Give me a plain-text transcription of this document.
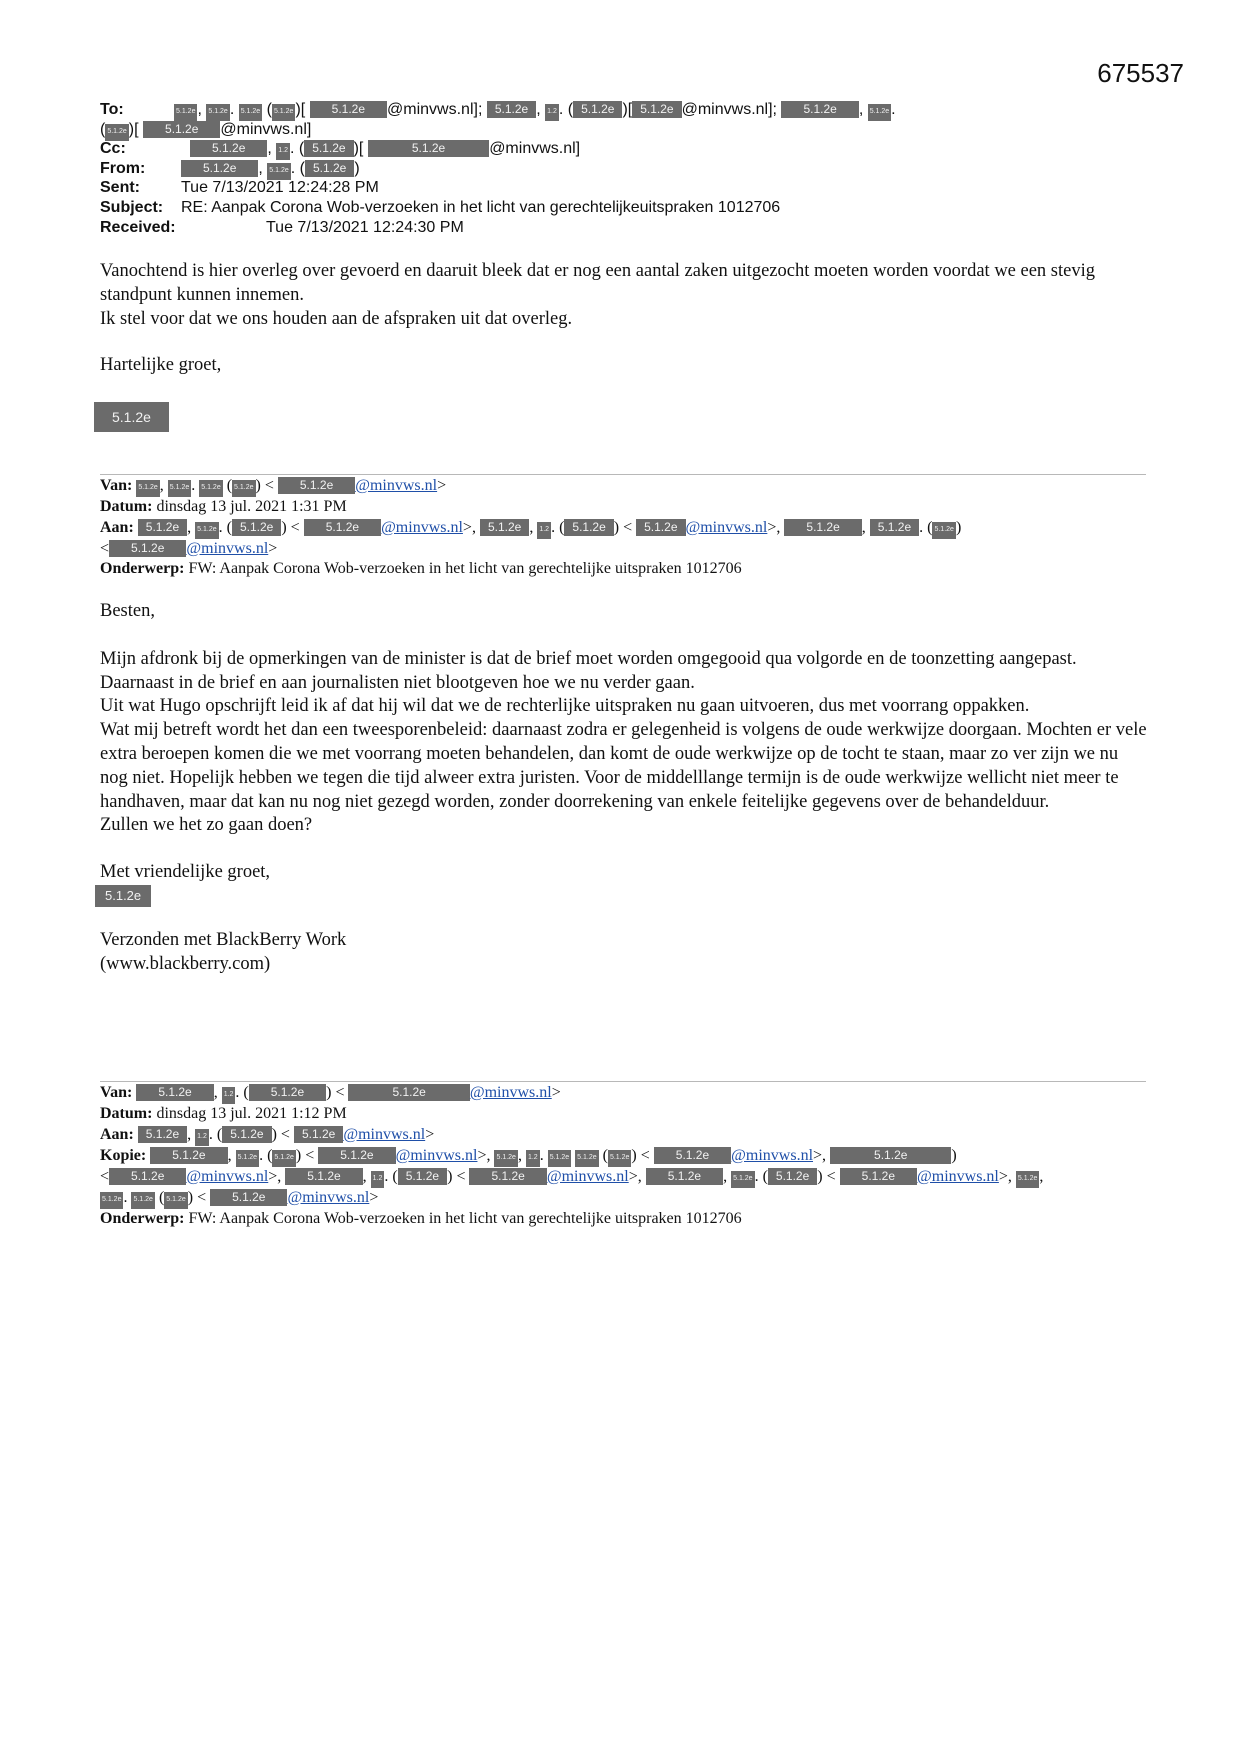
675537
To:	5.1.2e , 5.1.2e . 5.1.2e ( 5.1.2e )[ 5.1.2e @minvws.nl]; 5.1.2e , 1.2 . ( 5.1.2e )[ 5.1.2e @minvws.nl]; 5.1.2e , 5.1.2e .
( 5.1.2e )[ 5.1.2e @minvws.nl]
Cc:	5.1.2e , 1.2 . ( 5.1.2e )[	5.1.2e	@minvws.nl]
From:	5.1.2e , 5.1.2e . ( 5.1.2e )
Sent:	Tue 7/13/2021 12:24:28 PM
Subject: RE: Aanpak Corona Wob-verzoeken in het licht van gerechtelijkeuitspraken 1012706
Received:	Tue 7/13/2021 12:24:30 PM

Vanochtend is hier overleg over gevoerd en daaruit bleek dat er nog een aantal zaken uitgezocht moeten worden voordat we een stevig standpunt kunnen innemen.

Ik stel voor dat we ons houden aan de afspraken uit dat overleg.

Hartelijke groet,

5.1.2e
Van: 5.1.2e , 5.1.2e . 5.1.2e ( 5.1.2e ) < 5.1.2e @minvws.nl>
Datum: dinsdag 13 jul. 2021 1:31 PM
Aan: 5.1.2e , 5.1.2e . ( 5.1.2e ) < 5.1.2e @minvws.nl>, 5.1.2e , 1.2 . ( 5.1.2e ) < 5.1.2e @minvws.nl>, 5.1.2e , 5.1.2e . ( 5.1.2e )
< 5.1.2e @minvws.nl>
Onderwerp: FW: Aanpak Corona Wob-verzoeken in het licht van gerechtelijke uitspraken 1012706

Besten,

Mijn afdronk bij de opmerkingen van de minister is dat de brief moet worden omgegooid qua volgorde en de toonzetting aangepast. Daarnaast in de brief en aan journalisten niet blootgeven hoe we nu verder gaan.

Uit wat Hugo opschrijft leid ik af dat hij wil dat we de rechterlijke uitspraken nu gaan uitvoeren, dus met voorrang oppakken.

Wat mij betreft wordt het dan een tweesporenbeleid: daarnaast zodra er gelegenheid is volgens de oude werkwijze doorgaan. Mochten er vele extra beroepen komen die we met voorrang moeten behandelen, dan komt de oude werkwijze op de tocht te staan, maar zo ver zijn we nu nog niet. Hopelijk hebben we tegen die tijd alweer extra juristen. Voor de middelllange termijn is de oude werkwijze wellicht niet meer te handhaven, maar dat kan nu nog niet gezegd worden, zonder doorrekening van enkele feitelijke gegevens over de behandelduur.

Zullen we het zo gaan doen?

Met vriendelijke groet,

5.1.2e

Verzonden met BlackBerry Work

(www.blackberry.com)

Van: 5.1.2e , 1.2 . ( 5.1.2e ) <	5.1.2e	@minvws.nl>
Datum: dinsdag 13 jul. 2021 1:12 PM
Aan: 5.1.2e , 1.2 . ( 5.1.2e ) < 5.1.2e @minvws.nl>
Kopie: 5.1.2e , 5.1.2e . ( 5.1.2e ) < 5.1.2e @minvws.nl>, 5.1.2e , 1.2 . 5.1.2e 5.1.2e ( 5.1.2e ) < 5.1.2e @minvws.nl>,	5.1.2e	)
< 5.1.2e @minvws.nl>, 5.1.2e , 1.2 . ( 5.1.2e ) < 5.1.2e @minvws.nl>, 5.1.2e , 5.1.2e . ( 5.1.2e ) < 5.1.2e @minvws.nl>, 5.1.2e ,
5.1.2e . 5.1.2e ( 5.1.2e ) < 5.1.2e @minvws.nl>
Onderwerp: FW: Aanpak Corona Wob-verzoeken in het licht van gerechtelijke uitspraken 1012706
